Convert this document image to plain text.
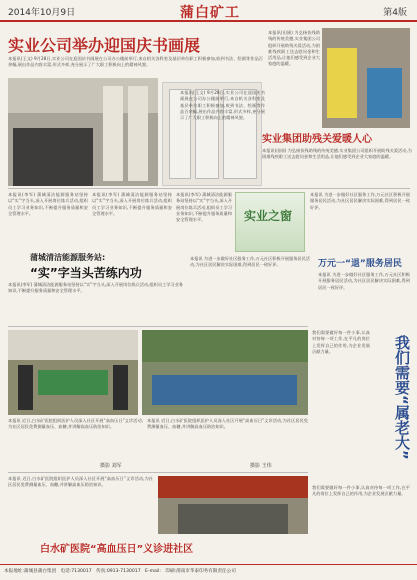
2014年10月9日	蒲白矿工	第4版
实业公司举办迎国庆书画展
本报讯(王文) 9月28日,实业公司在迎国庆书画展在公司办公楼前举行,来自机关各科室及基层单位职工积极参加,收到书法、绘画等作品百余幅,展出作品内容丰富,形式多样,充分展示了广大职工积极向上的精神风貌。
本报讯(田刚) 为弘扬扶残助残的传统美德,实业集团公司组织开展助残关爱活动,为困难残疾职工送去慰问金和生活用品,让他们感受到企业大家庭的温暖。
本报讯(王文) 9月28日,实业公司在迎国庆书画展在公司办公楼前举行,来自机关各科室及基层单位职工积极参加,收到书法、绘画等作品百余幅,展出作品内容丰富,形式多样,充分展示了广大职工积极向上的精神风貌。
实业集团助残关爱暖人心
本报讯(田刚) 为弘扬扶残助残的传统美德,实业集团公司组织开展助残关爱活动,为困难残疾职工送去慰问金和生活用品,让他们感受到企业大家庭的温暖。
本报讯(李军) 蒲城清洁能源服务站坚持以“实”字当头,深入开展岗位练兵活动,组织员工学习业务知识,不断提升服务质量和安全管理水平。
本报讯(李军) 蒲城清洁能源服务站坚持以“实”字当头,深入开展岗位练兵活动,组织员工学习业务知识,不断提升服务质量和安全管理水平。
本报讯(李军) 蒲城清洁能源服务站坚持以“实”字当头,深入开展岗位练兵活动,组织员工学习业务知识,不断提升服务质量和安全管理水平。
蒲城清洁能源服务站:
“实”字当头苦练内功
本报讯(李军) 蒲城清洁能源服务站坚持以“实”字当头,深入开展岗位练兵活动,组织员工学习业务知识,不断提升服务质量和安全管理水平。
实业之窗
本报讯 为进一步做好社区服务工作,万元社区积极开展服务居民活动,为社区居民解决实际困难,得到居民一致好评。
本报讯 为进一步做好社区服务工作,万元社区积极开展服务居民活动,为社区居民解决实际困难,得到居民一致好评。	万元一“退”服务居民
本报讯 为进一步做好社区服务工作,万元社区积极开展服务居民活动,为社区居民解决实际困难,得到居民一致好评。
本报讯 近日,白水矿医院组织医护人员深入社区开展“高血压日”义诊活动,为社区居民免费测量血压、血糖,并讲解高血压防治知识。
摄影 刘军
本报讯 近日,白水矿医院组织医护人员深入社区开展“高血压日”义诊活动,为社区居民免费测量血压、血糖,并讲解高血压防治知识。
摄影 王伟
我们需要做好每一件小事,认真对待每一项工作,在平凡的岗位上发挥自己的作用,为企业发展贡献力量。	我们需要“属老大”
本报讯 近日,白水矿医院组织医护人员深入社区开展“高血压日”义诊活动,为社区居民免费测量血压、血糖,并讲解高血压防治知识。
我们需要做好每一件小事,认真对待每一项工作,在平凡的岗位上发挥自己的作用,为企业发展贡献力量。
白水矿医院“高血压日”义诊进社区
本报地址:蒲城县蒲白集团 电话:7130017 传真:0913-7130017 E-mail: 印刷:渭南市华泰印务有限责任公司
